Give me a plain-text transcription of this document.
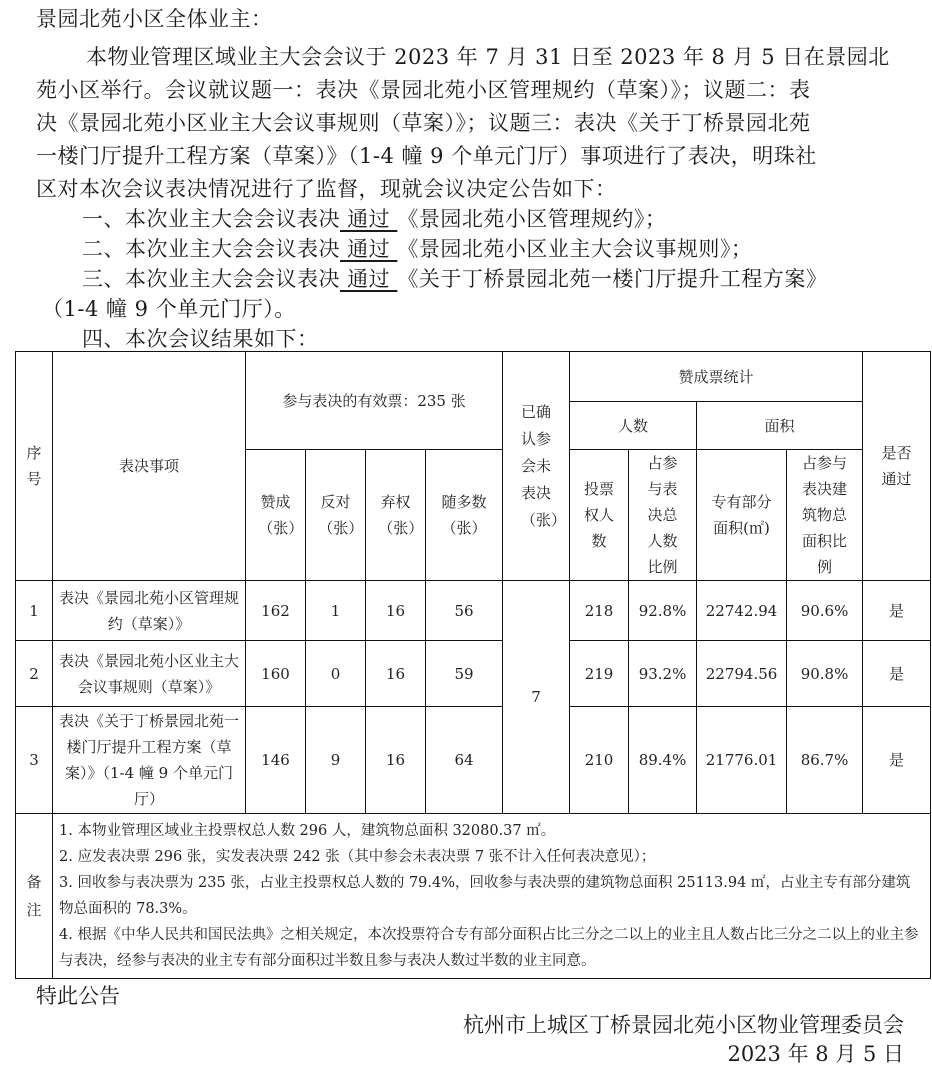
景园北苑小区全体业主：
本物业管理区域业主大会会议于 2023 年 7 月 31 日至 2023 年 8 月 5 日在景园北
苑小区举行。会议就议题一：表决《景园北苑小区管理规约（草案）》；议题二：表
决《景园北苑小区业主大会议事规则（草案）》；议题三：表决《关于丁桥景园北苑
一楼门厅提升工程方案（草案）》（1-4 幢 9 个单元门厅）事项进行了表决，明珠社
区对本次会议表决情况进行了监督，现就会议决定公告如下：
一、本次业主大会会议表决 通过 《景园北苑小区管理规约》；
二、本次业主大会会议表决 通过 《景园北苑小区业主大会议事规则》；
三、本次业主大会会议表决 通过 《关于丁桥景园北苑一楼门厅提升工程方案》
（1-4 幢 9 个单元门厅）。
四、本次会议结果如下：
序号	表决事项	参与表决的有效票：235 张				已确认参会未表决（张）	赞成票统计				是否通过

							人数		面积		

		赞成（张）	反对（张）	弃权（张）	随多数（张）		投票权人数	占参与表决总人数比例	专有部分面积(㎡)	占参与表决建筑物总面积比例	

1	表决《景园北苑小区管理规约（草案）》	162	1	16	56	7	218	92.8%	22742.94	90.6%	是
2	表决《景园北苑小区业主大会议事规则（草案）》	160	0	16	59		219	93.2%	22794.56	90.8%	是
3	表决《关于丁桥景园北苑一楼门厅提升工程方案（草案）》（1-4 幢 9 个单元门厅）	146	9	16	64		210	89.4%	21776.01	86.7%	是

备注	1. 本物业管理区域业主投票权总人数 296 人，建筑物总面积 32080.37 ㎡。
2. 应发表决票 296 张，实发表决票 242 张（其中参会未表决票 7 张不计入任何表决意见）；
3. 回收参与表决票为 235 张，占业主投票权总人数的 79.4%，回收参与表决票的建筑物总面积 25113.94 ㎡，占业主专有部分建筑物总面积的 78.3%。
4. 根据《中华人民共和国民法典》之相关规定，本次投票符合专有部分面积占比三分之二以上的业主且人数占比三分之二以上的业主参与表决，经参与表决的业主专有部分面积过半数且参与表决人数过半数的业主同意。										
特此公告
杭州市上城区丁桥景园北苑小区物业管理委员会
2023 年 8 月 5 日
